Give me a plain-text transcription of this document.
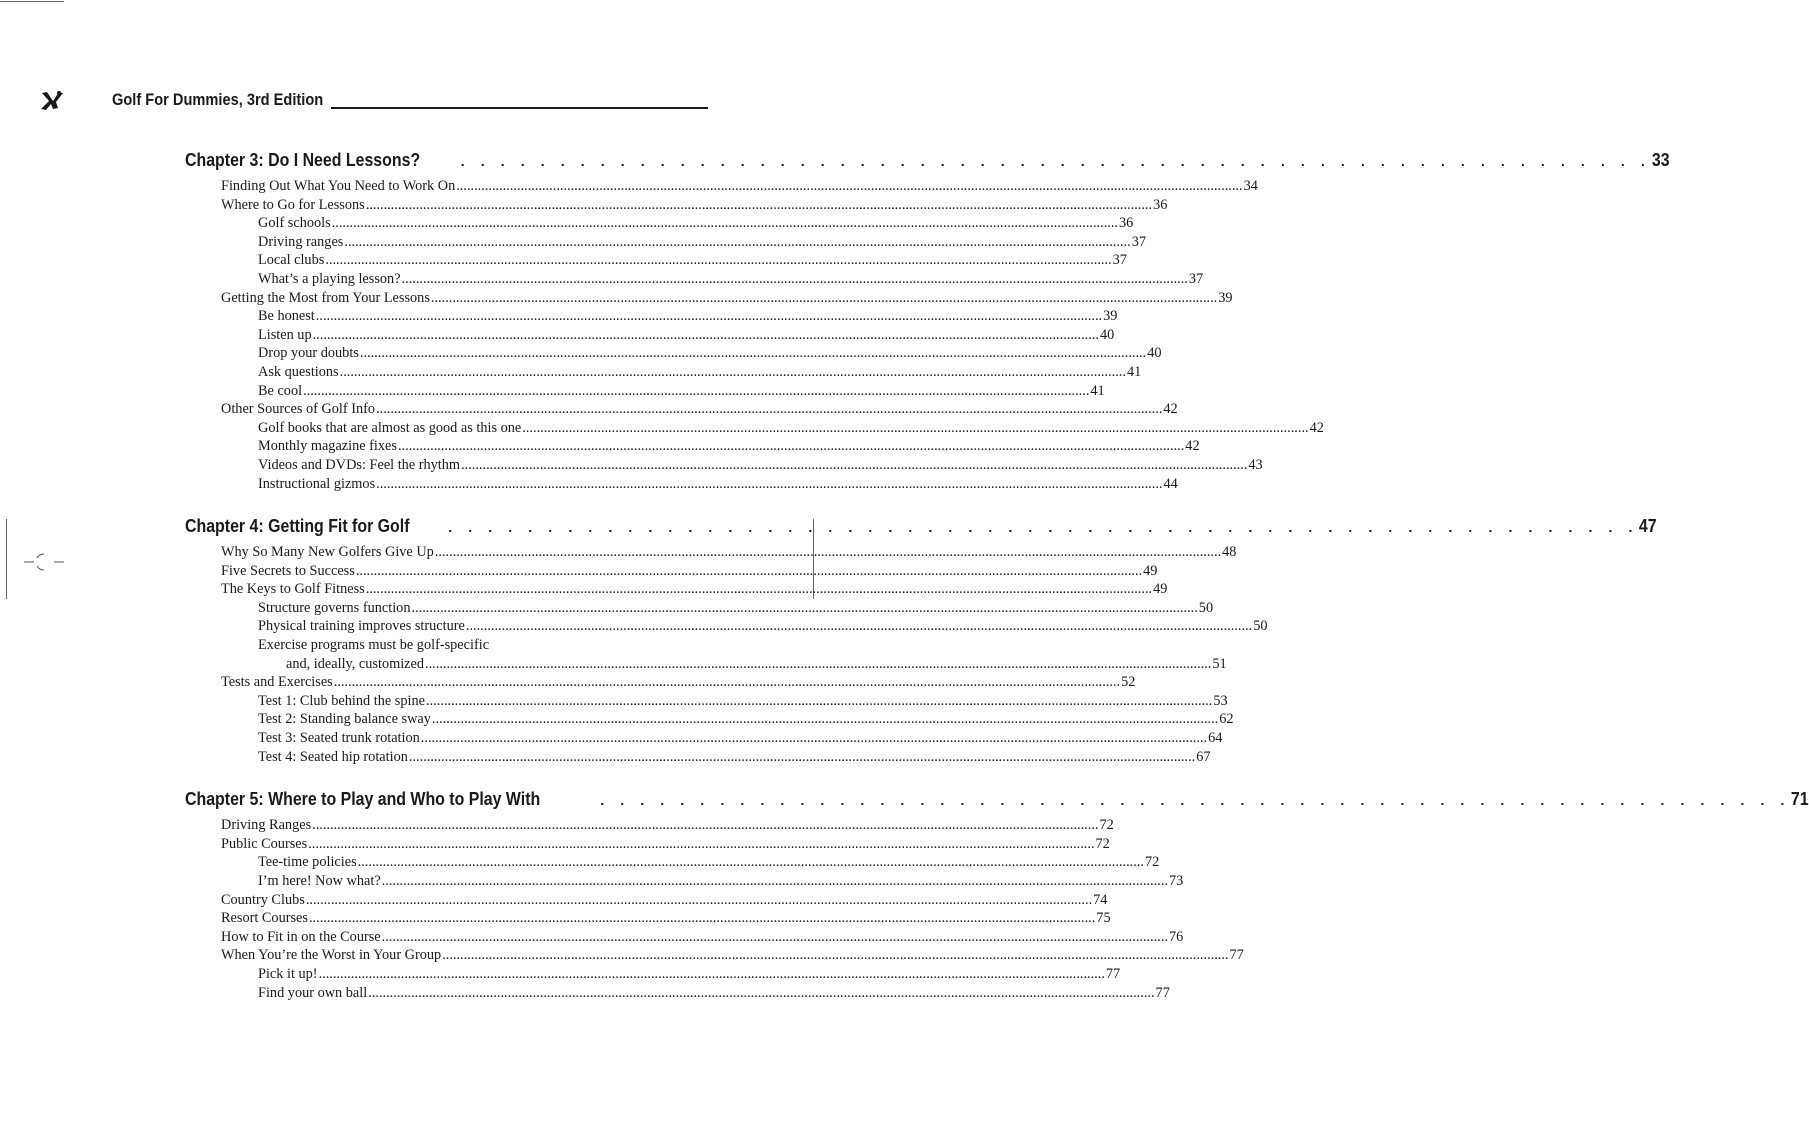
Golf For Dummies, 3rd Edition
Chapter 3: Do I Need Lessons?	. . . . . . . . . . . . . . . . . . . . . . . . . . . . . . . . . . . . . . . . . . . . . . . . . . . . . . . . . . . . 33
Finding Out What You Need to Work On ............................................................................................................................................................................................................................ 34
Where to Go for Lessons ............................................................................................................................................................................................................................ 36
Golf schools ............................................................................................................................................................................................................................ 36
Driving ranges ............................................................................................................................................................................................................................ 37
Local clubs ............................................................................................................................................................................................................................ 37
What’s a playing lesson? ............................................................................................................................................................................................................................ 37
Getting the Most from Your Lessons ............................................................................................................................................................................................................................ 39
Be honest ............................................................................................................................................................................................................................ 39
Listen up ............................................................................................................................................................................................................................ 40
Drop your doubts ............................................................................................................................................................................................................................ 40
Ask questions ............................................................................................................................................................................................................................ 41
Be cool ............................................................................................................................................................................................................................ 41
Other Sources of Golf Info ............................................................................................................................................................................................................................ 42
Golf books that are almost as good as this one ............................................................................................................................................................................................................................ 42
Monthly magazine fixes ............................................................................................................................................................................................................................ 42
Videos and DVDs: Feel the rhythm ............................................................................................................................................................................................................................ 43
Instructional gizmos ............................................................................................................................................................................................................................ 44
Chapter 4: Getting Fit for Golf	. . . . . . . . . . . . . . . . . . . . . . . . . . . . . . . . . . . . . . . . . . . . . . . . . . . . . . . . . . . . 47
Why So Many New Golfers Give Up ............................................................................................................................................................................................................................ 48
Five Secrets to Success ............................................................................................................................................................................................................................ 49
The Keys to Golf Fitness ............................................................................................................................................................................................................................ 49
Structure governs function ............................................................................................................................................................................................................................ 50
Physical training improves structure ............................................................................................................................................................................................................................ 50
Exercise programs must be golf-specific
and, ideally, customized ............................................................................................................................................................................................................................ 51
Tests and Exercises ............................................................................................................................................................................................................................ 52
Test 1: Club behind the spine ............................................................................................................................................................................................................................ 53
Test 2: Standing balance sway ............................................................................................................................................................................................................................ 62
Test 3: Seated trunk rotation ............................................................................................................................................................................................................................ 64
Test 4: Seated hip rotation ............................................................................................................................................................................................................................ 67
Chapter 5: Where to Play and Who to Play With	. . . . . . . . . . . . . . . . . . . . . . . . . . . . . . . . . . . . . . . . . . . . . . . . . . . . . . . . . . . . 71
Driving Ranges ............................................................................................................................................................................................................................ 72
Public Courses ............................................................................................................................................................................................................................ 72
Tee-time policies ............................................................................................................................................................................................................................ 72
I’m here! Now what? ............................................................................................................................................................................................................................ 73
Country Clubs ............................................................................................................................................................................................................................ 74
Resort Courses ............................................................................................................................................................................................................................ 75
How to Fit in on the Course ............................................................................................................................................................................................................................ 76
When You’re the Worst in Your Group ............................................................................................................................................................................................................................ 77
Pick it up! ............................................................................................................................................................................................................................ 77
Find your own ball ............................................................................................................................................................................................................................ 77
